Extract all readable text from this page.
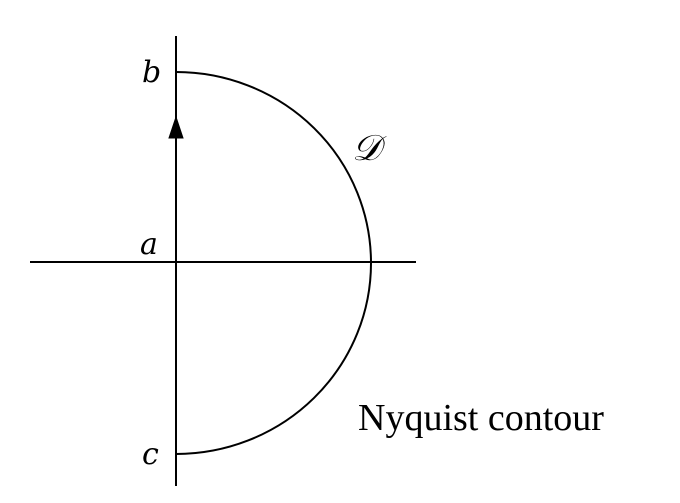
b
a
c
𝒟
Nyquist contour
